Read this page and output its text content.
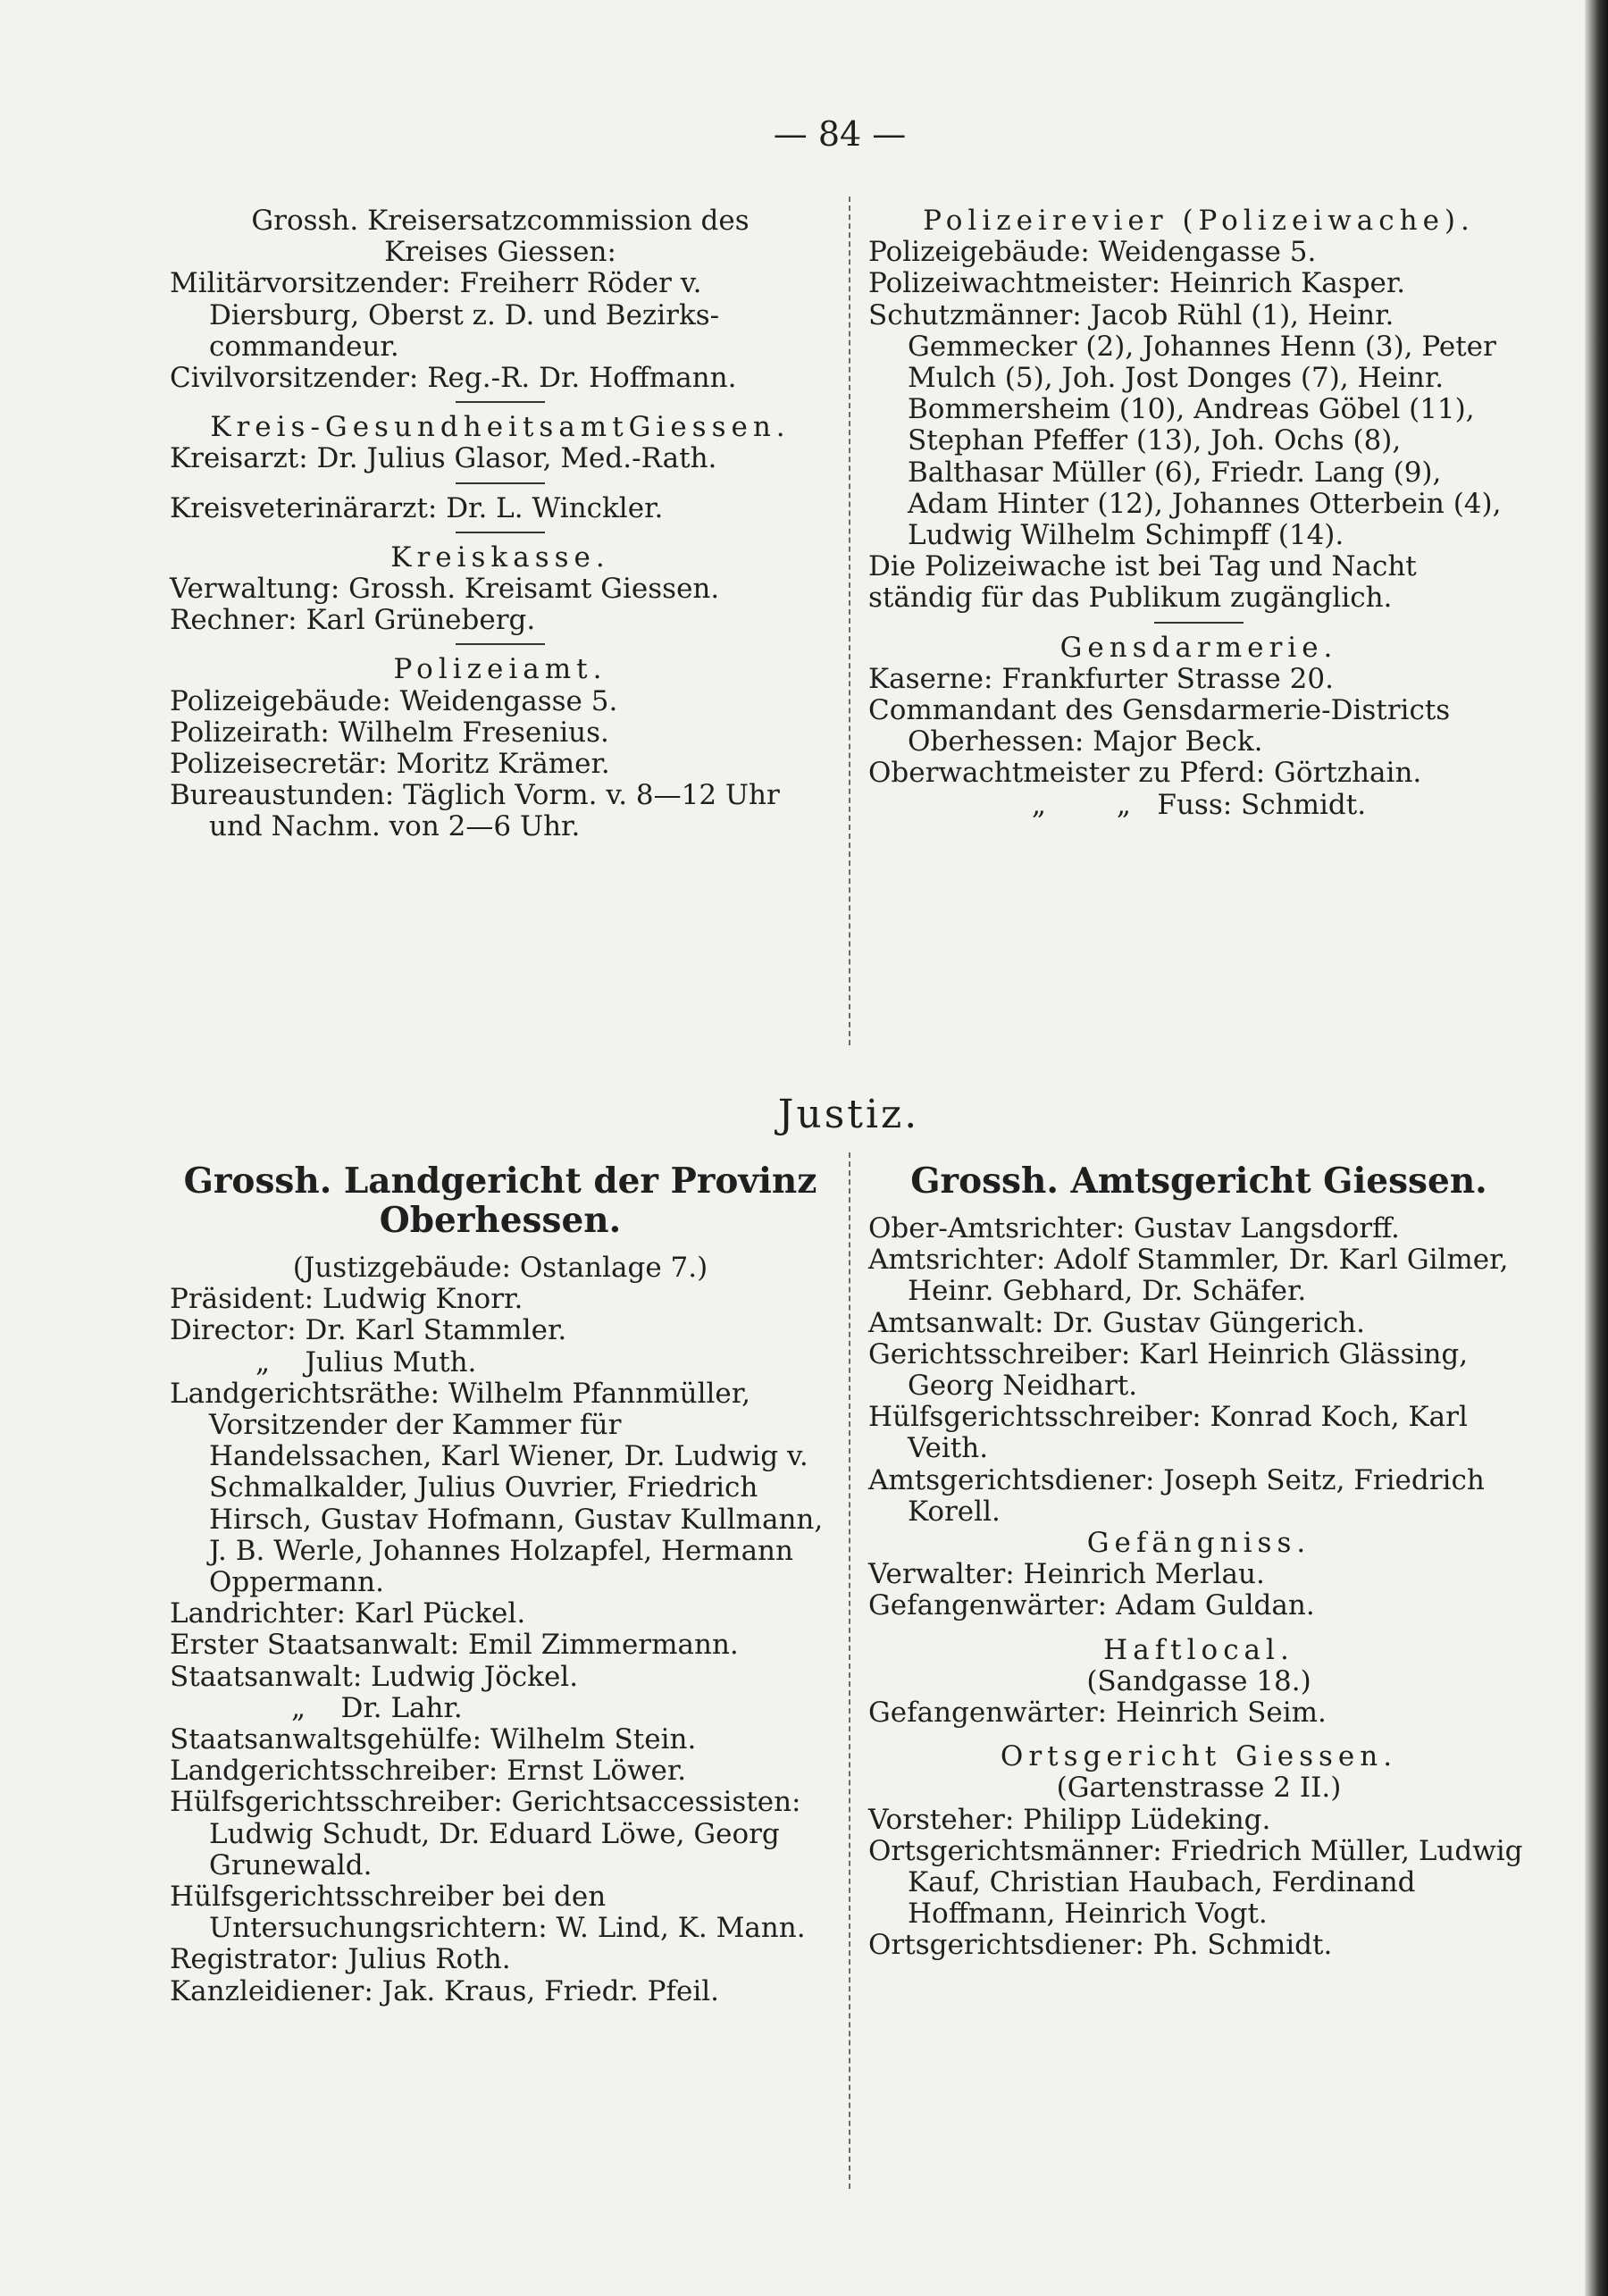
— 84 —
Grossh. Kreisersatzcommission des
Kreises Giessen:
Militärvorsitzender: Freiherr Röder v. Diersburg, Oberst z. D. und Bezirks-commandeur.
Civilvorsitzender: Reg.-R. Dr. Hoffmann.
Kreis-GesundheitsamtGiessen.
Kreisarzt: Dr. Julius Glasor, Med.-Rath.
Kreisveterinärarzt: Dr. L. Winckler.
Kreiskasse.
Verwaltung: Grossh. Kreisamt Giessen.
Rechner: Karl Grüneberg.
Polizeiamt.
Polizeigebäude: Weidengasse 5.
Polizeirath: Wilhelm Fresenius.
Polizeisecretär: Moritz Krämer.
Bureaustunden: Täglich Vorm. v. 8—12 Uhr und Nachm. von 2—6 Uhr.
Polizeirevier (Polizeiwache).
Polizeigebäude: Weidengasse 5.
Polizeiwachtmeister: Heinrich Kasper.
Schutzmänner: Jacob Rühl (1), Heinr. Gemmecker (2), Johannes Henn (3), Peter Mulch (5), Joh. Jost Donges (7), Heinr. Bommersheim (10), Andreas Göbel (11), Stephan Pfeffer (13), Joh. Ochs (8), Balthasar Müller (6), Friedr. Lang (9), Adam Hinter (12), Johannes Otterbein (4), Ludwig Wilhelm Schimpff (14).
Die Polizeiwache ist bei Tag und Nacht ständig für das Publikum zugänglich.
Gensdarmerie.
Kaserne: Frankfurter Strasse 20.
Commandant des Gensdarmerie-Districts Oberhessen: Major Beck.
Oberwachtmeister zu Pferd: Görtzhain.
„        „   Fuss: Schmidt.
Justiz.
Grossh. Landgericht der Provinz Oberhessen.
(Justizgebäude: Ostanlage 7.)
Präsident: Ludwig Knorr.
Director: Dr. Karl Stammler.
„    Julius Muth.
Landgerichtsräthe: Wilhelm Pfannmüller, Vorsitzender der Kammer für Handelssachen, Karl Wiener, Dr. Ludwig v. Schmalkalder, Julius Ouvrier, Friedrich Hirsch, Gustav Hofmann, Gustav Kullmann, J. B. Werle, Johannes Holzapfel, Hermann Oppermann.
Landrichter: Karl Pückel.
Erster Staatsanwalt: Emil Zimmermann.
Staatsanwalt: Ludwig Jöckel.
„    Dr. Lahr.
Staatsanwaltsgehülfe: Wilhelm Stein.
Landgerichtsschreiber: Ernst Löwer.
Hülfsgerichtsschreiber: Gerichtsaccessisten: Ludwig Schudt, Dr. Eduard Löwe, Georg Grunewald.
Hülfsgerichtsschreiber bei den Untersuchungsrichtern: W. Lind, K. Mann.
Registrator: Julius Roth.
Kanzleidiener: Jak. Kraus, Friedr. Pfeil.
Grossh. Amtsgericht Giessen.
Ober-Amtsrichter: Gustav Langsdorff.
Amtsrichter: Adolf Stammler, Dr. Karl Gilmer, Heinr. Gebhard, Dr. Schäfer.
Amtsanwalt: Dr. Gustav Güngerich.
Gerichtsschreiber: Karl Heinrich Glässing, Georg Neidhart.
Hülfsgerichtsschreiber: Konrad Koch, Karl Veith.
Amtsgerichtsdiener: Joseph Seitz, Friedrich Korell.
Gefängniss.
Verwalter: Heinrich Merlau.
Gefangenwärter: Adam Guldan.
Haftlocal.
(Sandgasse 18.)
Gefangenwärter: Heinrich Seim.
Ortsgericht Giessen.
(Gartenstrasse 2 II.)
Vorsteher: Philipp Lüdeking.
Ortsgerichtsmänner: Friedrich Müller, Ludwig Kauf, Christian Haubach, Ferdinand Hoffmann, Heinrich Vogt.
Ortsgerichtsdiener: Ph. Schmidt.
